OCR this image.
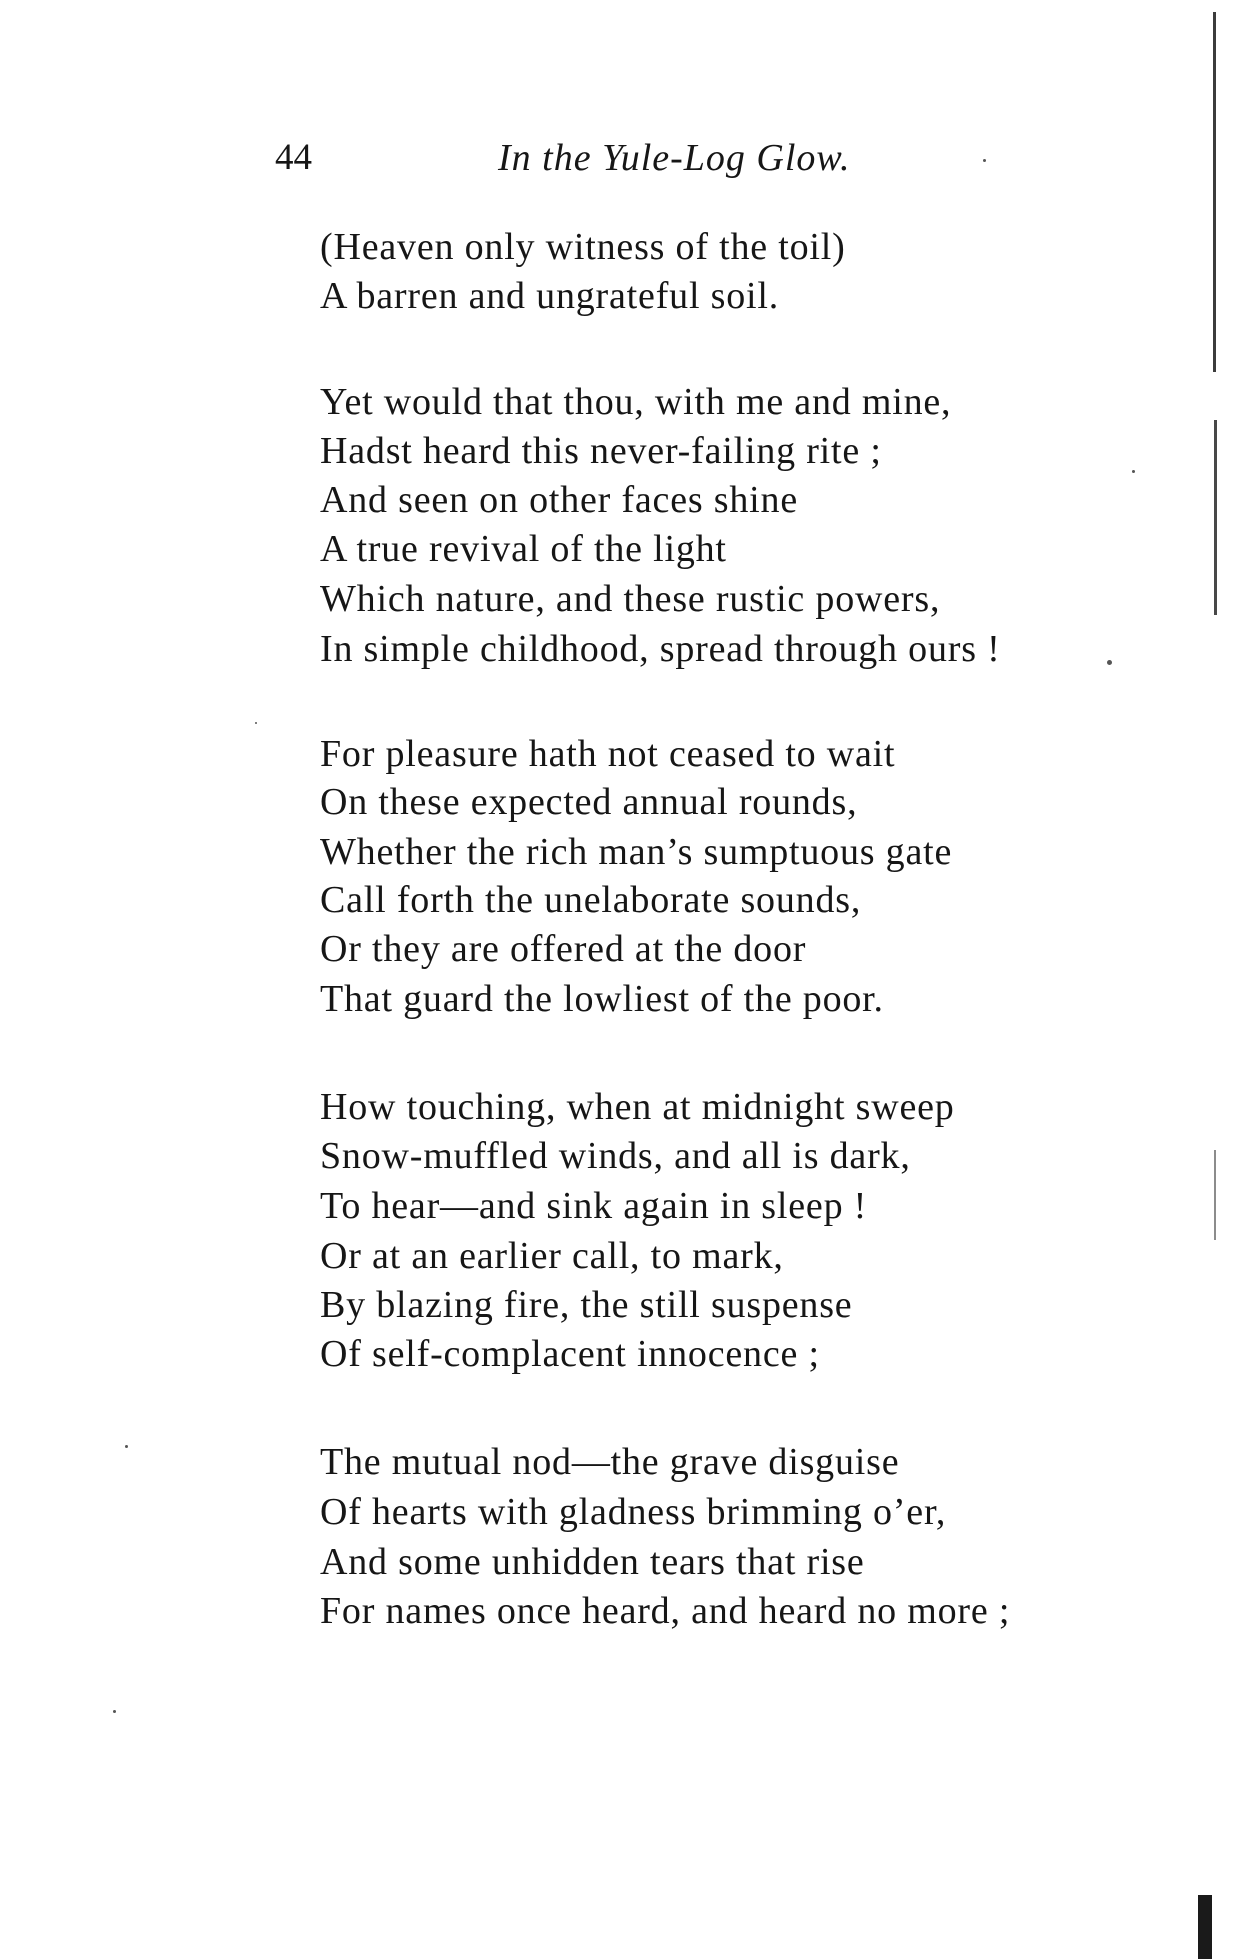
44	In the Yule-Log Glow.
(Heaven only witness of the toil)
A barren and ungrateful soil.
Yet would that thou, with me and mine,
Hadst heard this never-failing rite ;
And seen on other faces shine
A true revival of the light
Which nature, and these rustic powers,
In simple childhood, spread through ours !
For pleasure hath not ceased to wait
On these expected annual rounds,
Whether the rich man’s sumptuous gate
Call forth the unelaborate sounds,
Or they are offered at the door
That guard the lowliest of the poor.
How touching, when at midnight sweep
Snow-muffled winds, and all is dark,
To hear—and sink again in sleep !
Or at an earlier call, to mark,
By blazing fire, the still suspense
Of self-complacent innocence ;
The mutual nod—the grave disguise
Of hearts with gladness brimming o’er,
And some unhidden tears that rise
For names once heard, and heard no more ;
